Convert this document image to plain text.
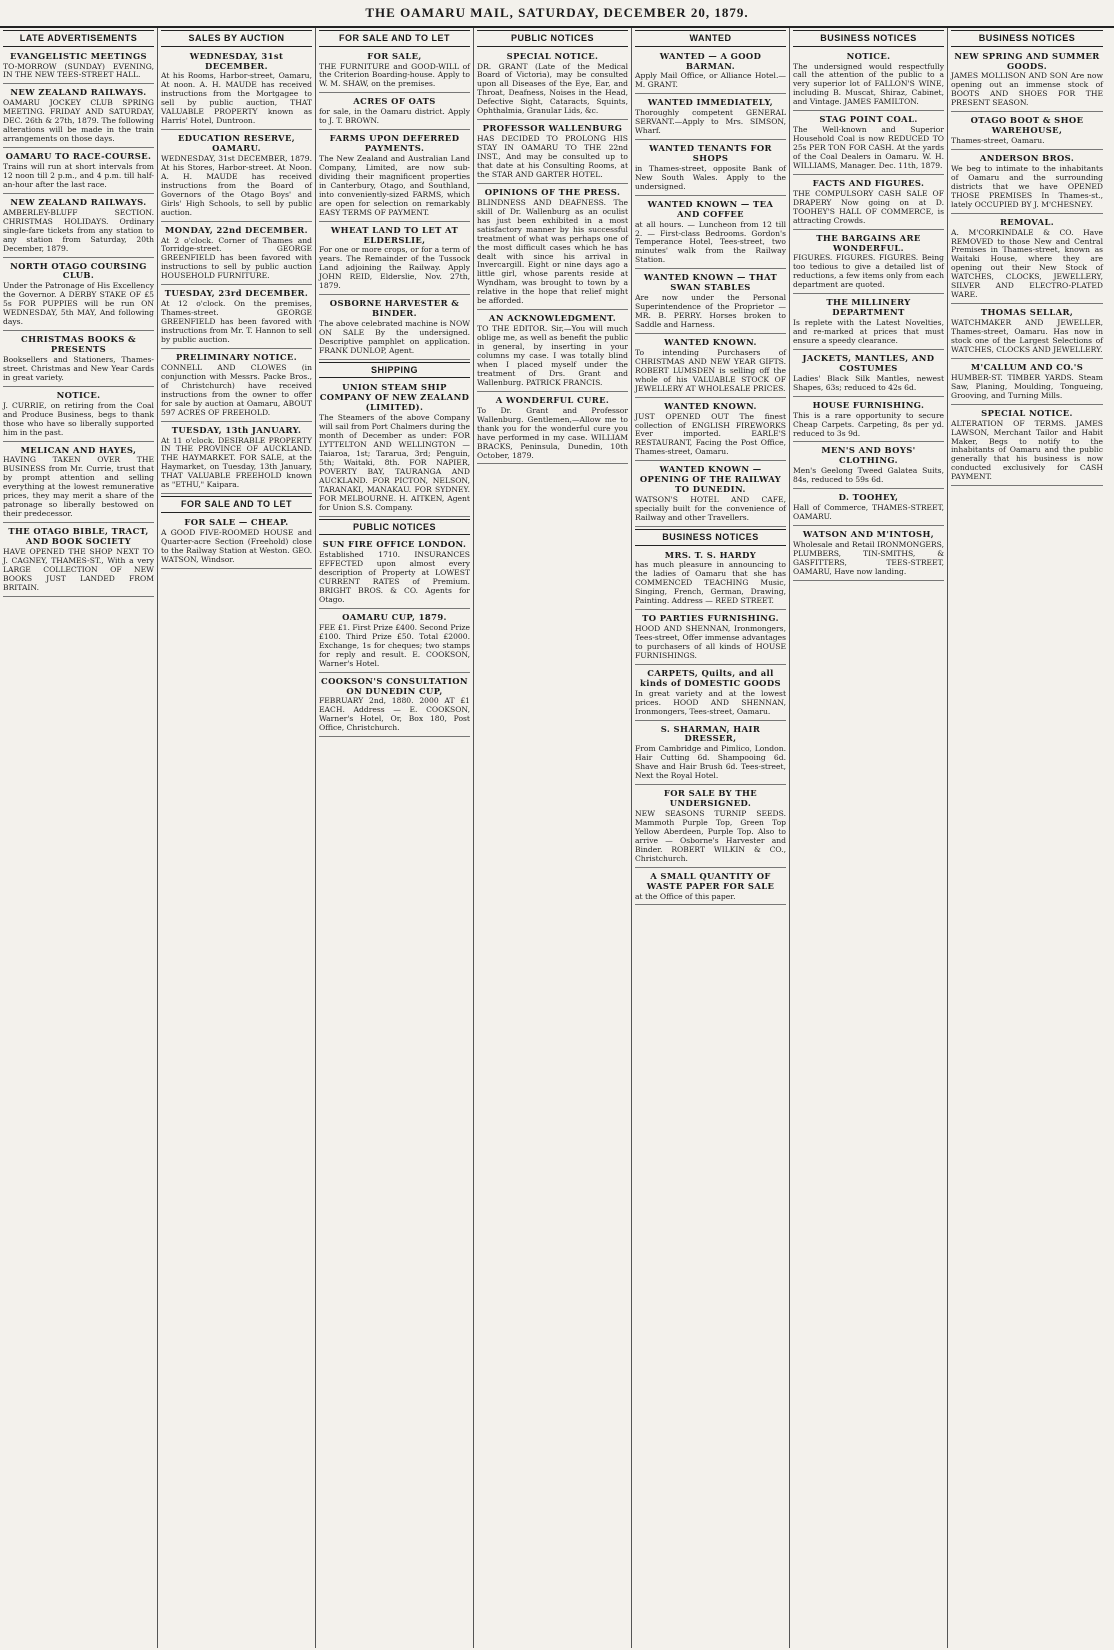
THE OAMARU MAIL, SATURDAY, DECEMBER 20, 1879.
LATE ADVERTISEMENTS
EVANGELISTIC MEETINGS
TO-MORROW (SUNDAY) EVENING, IN THE NEW TEES-STREET HALL.
NEW ZEALAND RAILWAYS.
OAMARU JOCKEY CLUB SPRING MEETING. FRIDAY AND SATURDAY, DEC. 26th & 27th, 1879. The following alterations will be made in the train arrangements on those days.
OAMARU TO RACE-COURSE.
Trains will run at short intervals from 12 noon till 2 p.m., and 4 p.m. till half-an-hour after the last race.
NEW ZEALAND RAILWAYS.
AMBERLEY-BLUFF SECTION. CHRISTMAS HOLIDAYS. Ordinary single-fare tickets from any station to any station from Saturday, 20th December, 1879.
NORTH OTAGO COURSING CLUB.
Under the Patronage of His Excellency the Governor. A DERBY STAKE OF £5 5s FOR PUPPIES will be run ON WEDNESDAY, 5th MAY, And following days.
CHRISTMAS BOOKS & PRESENTS
Booksellers and Stationers, Thames-street. Christmas and New Year Cards in great variety.
NOTICE.
J. CURRIE, on retiring from the Coal and Produce Business, begs to thank those who have so liberally supported him in the past.
MELICAN AND HAYES,
HAVING TAKEN OVER THE BUSINESS from Mr. Currie, trust that by prompt attention and selling everything at the lowest remunerative prices, they may merit a share of the patronage so liberally bestowed on their predecessor.
THE OTAGO BIBLE, TRACT, AND BOOK SOCIETY
HAVE OPENED THE SHOP NEXT TO J. CAGNEY, THAMES-ST., With a very LARGE COLLECTION OF NEW BOOKS JUST LANDED FROM BRITAIN.
SALES BY AUCTION
WEDNESDAY, 31st DECEMBER.
At his Rooms, Harbor-street, Oamaru, At noon. A. H. MAUDE has received instructions from the Mortgagee to sell by public auction, THAT VALUABLE PROPERTY known as Harris' Hotel, Duntroon.
EDUCATION RESERVE, OAMARU.
WEDNESDAY, 31st DECEMBER, 1879. At his Stores, Harbor-street. At Noon. A. H. MAUDE has received instructions from the Board of Governors of the Otago Boys' and Girls' High Schools, to sell by public auction.
MONDAY, 22nd DECEMBER.
At 2 o'clock. Corner of Thames and Torridge-street. GEORGE GREENFIELD has been favored with instructions to sell by public auction HOUSEHOLD FURNITURE.
TUESDAY, 23rd DECEMBER.
At 12 o'clock. On the premises, Thames-street. GEORGE GREENFIELD has been favored with instructions from Mr. T. Hannon to sell by public auction.
PRELIMINARY NOTICE.
CONNELL AND CLOWES (in conjunction with Messrs. Packe Bros., of Christchurch) have received instructions from the owner to offer for sale by auction at Oamaru, ABOUT 597 ACRES OF FREEHOLD.
TUESDAY, 13th JANUARY.
At 11 o'clock. DESIRABLE PROPERTY IN THE PROVINCE OF AUCKLAND. THE HAYMARKET. FOR SALE, at the Haymarket, on Tuesday, 13th January, THAT VALUABLE FREEHOLD known as "ETHU," Kaipara.
FOR SALE AND TO LET
FOR SALE — CHEAP.
A GOOD FIVE-ROOMED HOUSE and Quarter-acre Section (Freehold) close to the Railway Station at Weston. GEO. WATSON, Windsor.
FOR SALE AND TO LET
FOR SALE,
THE FURNITURE and GOOD-WILL of the Criterion Boarding-house. Apply to W. M. SHAW, on the premises.
ACRES OF OATS
for sale, in the Oamaru district. Apply to J. T. BROWN.
FARMS UPON DEFERRED PAYMENTS.
The New Zealand and Australian Land Company, Limited, are now sub-dividing their magnificent properties in Canterbury, Otago, and Southland, into conveniently-sized FARMS, which are open for selection on remarkably EASY TERMS OF PAYMENT.
WHEAT LAND TO LET AT ELDERSLIE,
For one or more crops, or for a term of years. The Remainder of the Tussock Land adjoining the Railway. Apply JOHN REID, Elderslie, Nov. 27th, 1879.
OSBORNE HARVESTER & BINDER.
The above celebrated machine is NOW ON SALE By the undersigned. Descriptive pamphlet on application. FRANK DUNLOP, Agent.
SHIPPING
UNION STEAM SHIP COMPANY OF NEW ZEALAND (LIMITED).
The Steamers of the above Company will sail from Port Chalmers during the month of December as under: FOR LYTTELTON AND WELLINGTON — Taiaroa, 1st; Tararua, 3rd; Penguin, 5th; Waitaki, 8th. FOR NAPIER, POVERTY BAY, TAURANGA AND AUCKLAND. FOR PICTON, NELSON, TARANAKI, MANAKAU. FOR SYDNEY. FOR MELBOURNE. H. AITKEN, Agent for Union S.S. Company.
PUBLIC NOTICES
SUN FIRE OFFICE LONDON.
Established 1710. INSURANCES EFFECTED upon almost every description of Property at LOWEST CURRENT RATES of Premium. BRIGHT BROS. & CO. Agents for Otago.
OAMARU CUP, 1879.
FEE £1. First Prize £400. Second Prize £100. Third Prize £50. Total £2000. Exchange, 1s for cheques; two stamps for reply and result. E. COOKSON, Warner's Hotel.
COOKSON'S CONSULTATION ON DUNEDIN CUP,
FEBRUARY 2nd, 1880. 2000 AT £1 EACH. Address — E. COOKSON, Warner's Hotel, Or, Box 180, Post Office, Christchurch.
PUBLIC NOTICES
SPECIAL NOTICE.
DR. GRANT (Late of the Medical Board of Victoria), may be consulted upon all Diseases of the Eye, Ear, and Throat, Deafness, Noises in the Head, Defective Sight, Cataracts, Squints, Ophthalmia, Granular Lids, &c.
PROFESSOR WALLENBURG
HAS DECIDED TO PROLONG HIS STAY IN OAMARU TO THE 22nd INST., And may be consulted up to that date at his Consulting Rooms, at the STAR AND GARTER HOTEL.
OPINIONS OF THE PRESS.
BLINDNESS AND DEAFNESS. The skill of Dr. Wallenburg as an oculist has just been exhibited in a most satisfactory manner by his successful treatment of what was perhaps one of the most difficult cases which he has dealt with since his arrival in Invercargill. Eight or nine days ago a little girl, whose parents reside at Wyndham, was brought to town by a relative in the hope that relief might be afforded.
AN ACKNOWLEDGMENT.
TO THE EDITOR. Sir,—You will much oblige me, as well as benefit the public in general, by inserting in your columns my case. I was totally blind when I placed myself under the treatment of Drs. Grant and Wallenburg. PATRICK FRANCIS.
A WONDERFUL CURE.
To Dr. Grant and Professor Wallenburg. Gentlemen,—Allow me to thank you for the wonderful cure you have performed in my case. WILLIAM BRACKS, Peninsula, Dunedin, 10th October, 1879.
WANTED
WANTED — A GOOD BARMAN.
Apply Mail Office, or Alliance Hotel.—M. GRANT.
WANTED IMMEDIATELY,
Thoroughly competent GENERAL SERVANT.—Apply to Mrs. SIMSON, Wharf.
WANTED TENANTS FOR SHOPS
in Thames-street, opposite Bank of New South Wales. Apply to the undersigned.
WANTED KNOWN — TEA AND COFFEE
at all hours. — Luncheon from 12 till 2. — First-class Bedrooms. Gordon's Temperance Hotel, Tees-street, two minutes' walk from the Railway Station.
WANTED KNOWN — THAT SWAN STABLES
Are now under the Personal Superintendence of the Proprietor — MR. B. PERRY. Horses broken to Saddle and Harness.
WANTED KNOWN.
To intending Purchasers of CHRISTMAS AND NEW YEAR GIFTS. ROBERT LUMSDEN is selling off the whole of his VALUABLE STOCK OF JEWELLERY AT WHOLESALE PRICES.
WANTED KNOWN.
JUST OPENED OUT The finest collection of ENGLISH FIREWORKS Ever imported. EARLE'S RESTAURANT, Facing the Post Office, Thames-street, Oamaru.
WANTED KNOWN — OPENING OF THE RAILWAY TO DUNEDIN.
WATSON'S HOTEL AND CAFE, specially built for the convenience of Railway and other Travellers.
BUSINESS NOTICES
MRS. T. S. HARDY
has much pleasure in announcing to the ladies of Oamaru that she has COMMENCED TEACHING Music, Singing, French, German, Drawing, Painting. Address — REED STREET.
TO PARTIES FURNISHING.
HOOD AND SHENNAN, Ironmongers, Tees-street, Offer immense advantages to purchasers of all kinds of HOUSE FURNISHINGS.
CARPETS, Quilts, and all kinds of DOMESTIC GOODS
In great variety and at the lowest prices. HOOD AND SHENNAN, Ironmongers, Tees-street, Oamaru.
S. SHARMAN, HAIR DRESSER,
From Cambridge and Pimlico, London. Hair Cutting 6d. Shampooing 6d. Shave and Hair Brush 6d. Tees-street, Next the Royal Hotel.
FOR SALE BY THE UNDERSIGNED.
NEW SEASONS TURNIP SEEDS. Mammoth Purple Top, Green Top Yellow Aberdeen, Purple Top. Also to arrive — Osborne's Harvester and Binder. ROBERT WILKIN & CO., Christchurch.
A SMALL QUANTITY OF WASTE PAPER FOR SALE
at the Office of this paper.
BUSINESS NOTICES
NOTICE.
The undersigned would respectfully call the attention of the public to a very superior lot of FALLON'S WINE, including B. Muscat, Shiraz, Cabinet, and Vintage. JAMES FAMILTON.
STAG POINT COAL.
The Well-known and Superior Household Coal is now REDUCED TO 25s PER TON FOR CASH. At the yards of the Coal Dealers in Oamaru. W. H. WILLIAMS, Manager. Dec. 11th, 1879.
FACTS AND FIGURES.
THE COMPULSORY CASH SALE OF DRAPERY Now going on at D. TOOHEY'S HALL OF COMMERCE, is attracting Crowds.
THE BARGAINS ARE WONDERFUL.
FIGURES. FIGURES. FIGURES. Being too tedious to give a detailed list of reductions, a few items only from each department are quoted.
THE MILLINERY DEPARTMENT
Is replete with the Latest Novelties, and re-marked at prices that must ensure a speedy clearance.
JACKETS, MANTLES, AND COSTUMES
Ladies' Black Silk Mantles, newest Shapes, 63s; reduced to 42s 6d.
HOUSE FURNISHING.
This is a rare opportunity to secure Cheap Carpets. Carpeting, 8s per yd. reduced to 3s 9d.
MEN'S AND BOYS' CLOTHING.
Men's Geelong Tweed Galatea Suits, 84s, reduced to 59s 6d.
D. TOOHEY,
Hall of Commerce, THAMES-STREET, OAMARU.
WATSON AND M'INTOSH,
Wholesale and Retail IRONMONGERS, PLUMBERS, TIN-SMITHS, & GASFITTERS, TEES-STREET, OAMARU, Have now landing.
BUSINESS NOTICES
NEW SPRING AND SUMMER GOODS.
JAMES MOLLISON AND SON Are now opening out an immense stock of BOOTS AND SHOES FOR THE PRESENT SEASON.
OTAGO BOOT & SHOE WAREHOUSE,
Thames-street, Oamaru.
ANDERSON BROS.
We beg to intimate to the inhabitants of Oamaru and the surrounding districts that we have OPENED THOSE PREMISES In Thames-st., lately OCCUPIED BY J. M'CHESNEY.
REMOVAL.
A. M'CORKINDALE & CO. Have REMOVED to those New and Central Premises in Thames-street, known as Waitaki House, where they are opening out their New Stock of WATCHES, CLOCKS, JEWELLERY, SILVER AND ELECTRO-PLATED WARE.
THOMAS SELLAR,
WATCHMAKER AND JEWELLER, Thames-street, Oamaru. Has now in stock one of the Largest Selections of WATCHES, CLOCKS AND JEWELLERY.
M'CALLUM AND CO.'S
HUMBER-ST. TIMBER YARDS. Steam Saw, Planing, Moulding, Tongueing, Grooving, and Turning Mills.
SPECIAL NOTICE.
ALTERATION OF TERMS. JAMES LAWSON, Merchant Tailor and Habit Maker, Begs to notify to the inhabitants of Oamaru and the public generally that his business is now conducted exclusively for CASH PAYMENT.
